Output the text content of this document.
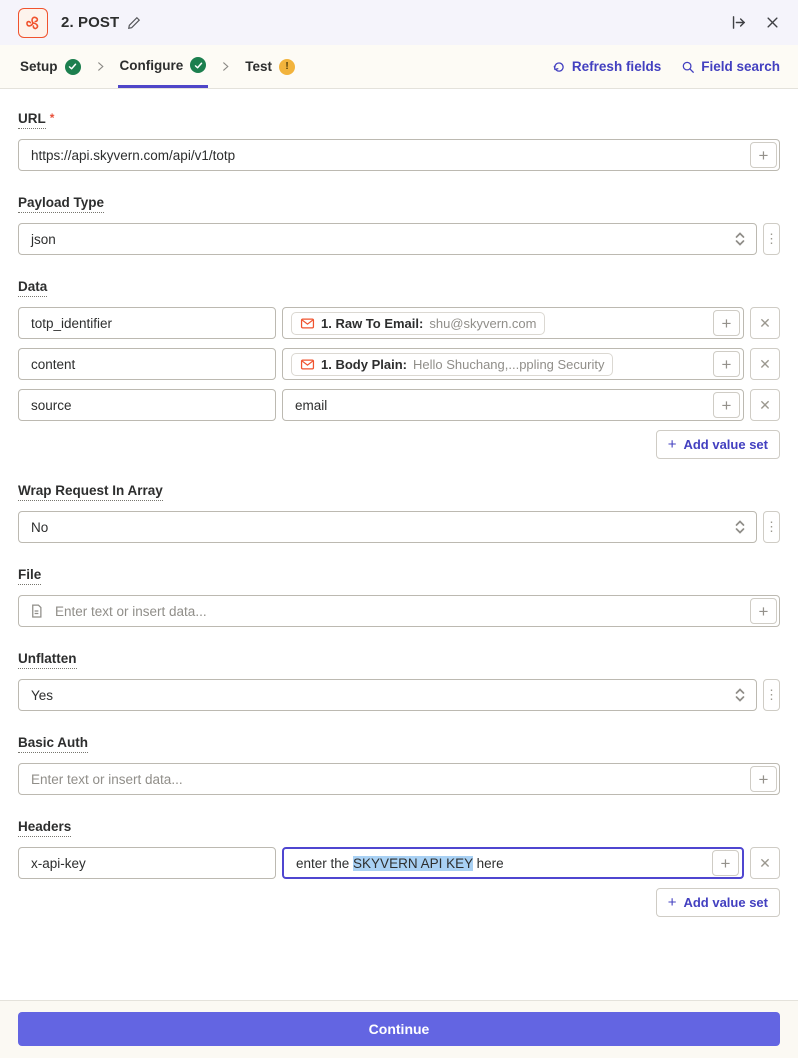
2. POST
Setup	Configure	Test	!	Refresh fields	Field search
URL *
https://api.skyvern.com/api/v1/totp
+
Payload Type
json	⋮
Data
totp_identifier
1. Raw To Email: shu@skyvern.com	+	✕
content
1. Body Plain: Hello Shuchang,...ppling Security	+	✕
source
email	+	✕
+ Add value set
Wrap Request In Array
No	⋮
File
Enter text or insert data...
+
Unflatten
Yes	⋮
Basic Auth
Enter text or insert data...
+
Headers
x-api-key
enter the SKYVERN API KEY here	+	✕
+ Add value set
Continue
